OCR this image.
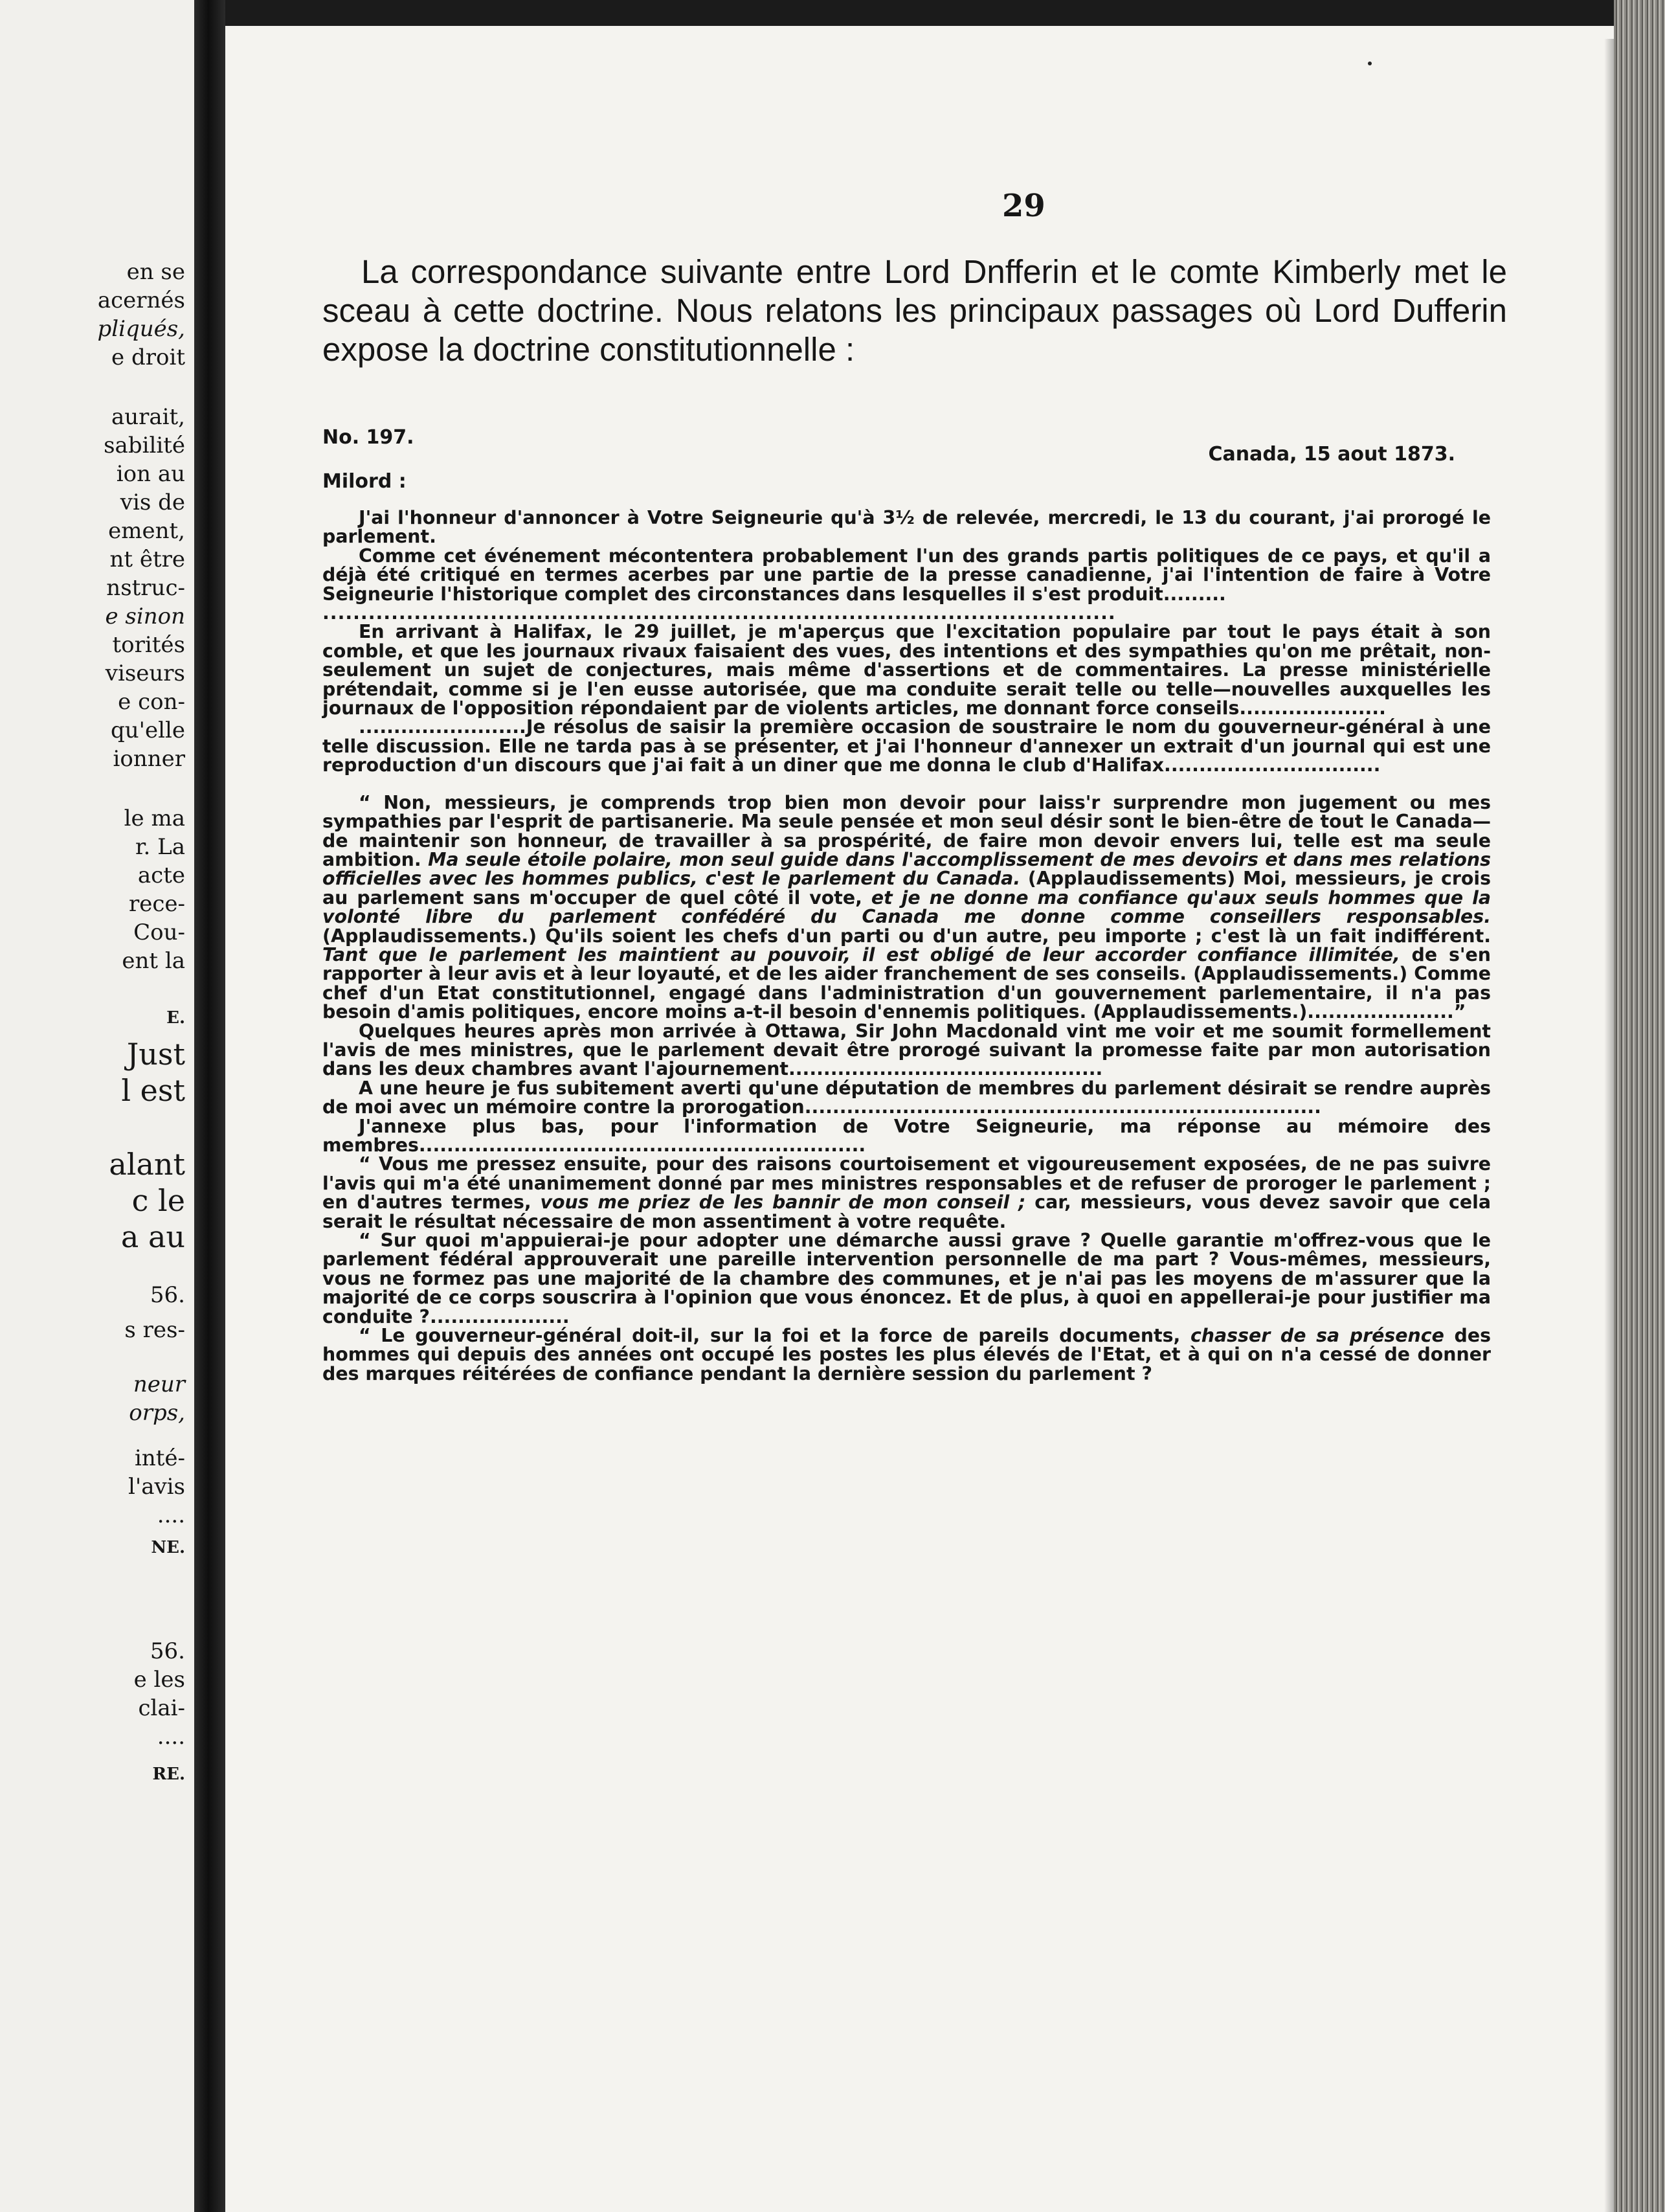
en se
acernés
pliqués,
e droit
aurait,
sabilité
ion au
vis de
ement,
nt être
nstruc-
e sinon
torités
viseurs
e con-
qu'elle
ionner
le ma
r. La
acte
rece-
Cou-
ent la
E.
Just
l est
alant
c le
a au
56.
s res-
neur
orps,
inté-
l'avis
....
NE.
56.
e les
clai-
....
RE.
29

La correspondance suivante entre Lord Dnfferin et le comte Kimberly met le sceau à cette doctrine. Nous relatons les principaux passages où Lord Dufferin expose la doctrine constitutionnelle :

No. 197.
Canada, 15 aout 1873.
Milord :

J'ai l'honneur d'annoncer à Votre Seigneurie qu'à 3½ de relevée, mercredi, le 13 du courant, j'ai prorogé le parlement.

Comme cet événement mécontentera probablement l'un des grands partis politiques de ce pays, et qu'il a déjà été critiqué en termes acerbes par une partie de la presse canadienne, j'ai l'intention de faire à Votre Seigneurie l'historique complet des circonstances dans lesquelles il s'est produit.........

........................................................................................................

En arrivant à Halifax, le 29 juillet, je m'aperçus que l'excitation populaire par tout le pays était à son comble, et que les journaux rivaux faisaient des vues, des intentions et des sympathies qu'on me prêtait, non-seulement un sujet de conjectures, mais même d'assertions et de commentaires. La presse ministérielle prétendait, comme si je l'en eusse autorisée, que ma conduite serait telle ou telle—nouvelles auxquelles les journaux de l'opposition répondaient par de violents articles, me donnant force conseils.....................

........................Je résolus de saisir la première occasion de soustraire le nom du gouverneur-général à une telle discussion. Elle ne tarda pas à se présenter, et j'ai l'honneur d'annexer un extrait d'un journal qui est une reproduction d'un discours que j'ai fait à un diner que me donna le club d'Halifax...............................

“ Non, messieurs, je comprends trop bien mon devoir pour laiss'r surprendre mon jugement ou mes sympathies par l'esprit de partisanerie. Ma seule pensée et mon seul désir sont le bien-être de tout le Canada—de maintenir son honneur, de travailler à sa prospérité, de faire mon devoir envers lui, telle est ma seule ambition. Ma seule étoile polaire, mon seul guide dans l'accomplissement de mes devoirs et dans mes relations officielles avec les hommes publics, c'est le parlement du Canada. (Applaudissements) Moi, messieurs, je crois au parlement sans m'occuper de quel côté il vote, et je ne donne ma confiance qu'aux seuls hommes que la volonté libre du parlement confédéré du Canada me donne comme conseillers responsables. (Applaudissements.) Qu'ils soient les chefs d'un parti ou d'un autre, peu importe ; c'est là un fait indifférent. Tant que le parlement les maintient au pouvoir, il est obligé de leur accorder confiance illimitée, de s'en rapporter à leur avis et à leur loyauté, et de les aider franchement de ses conseils. (Applaudissements.) Comme chef d'un Etat constitutionnel, engagé dans l'administration d'un gouvernement parlementaire, il n'a pas besoin d'amis politiques, encore moins a-t-il besoin d'ennemis politiques. (Applaudissements.).....................”

Quelques heures après mon arrivée à Ottawa, Sir John Macdonald vint me voir et me soumit formellement l'avis de mes ministres, que le parlement devait être prorogé suivant la promesse faite par mon autorisation dans les deux chambres avant l'ajournement.............................................

A une heure je fus subitement averti qu'une députation de membres du parlement désirait se rendre auprès de moi avec un mémoire contre la prorogation..........................................................................

J'annexe plus bas, pour l'information de Votre Seigneurie, ma réponse au mémoire des membres................................................................

“ Vous me pressez ensuite, pour des raisons courtoisement et vigoureusement exposées, de ne pas suivre l'avis qui m'a été unanimement donné par mes ministres responsables et de refuser de proroger le parlement ; en d'autres termes, vous me priez de les bannir de mon conseil ; car, messieurs, vous devez savoir que cela serait le résultat nécessaire de mon assentiment à votre requête.

“ Sur quoi m'appuierai-je pour adopter une démarche aussi grave ? Quelle garantie m'offrez-vous que le parlement fédéral approuverait une pareille intervention personnelle de ma part ? Vous-mêmes, messieurs, vous ne formez pas une majorité de la chambre des communes, et je n'ai pas les moyens de m'assurer que la majorité de ce corps souscrira à l'opinion que vous énoncez. Et de plus, à quoi en appellerai-je pour justifier ma conduite ?....................

“ Le gouverneur-général doit-il, sur la foi et la force de pareils documents, chasser de sa présence des hommes qui depuis des années ont occupé les postes les plus élevés de l'Etat, et à qui on n'a cessé de donner des marques réitérées de confiance pendant la dernière session du parlement ?
